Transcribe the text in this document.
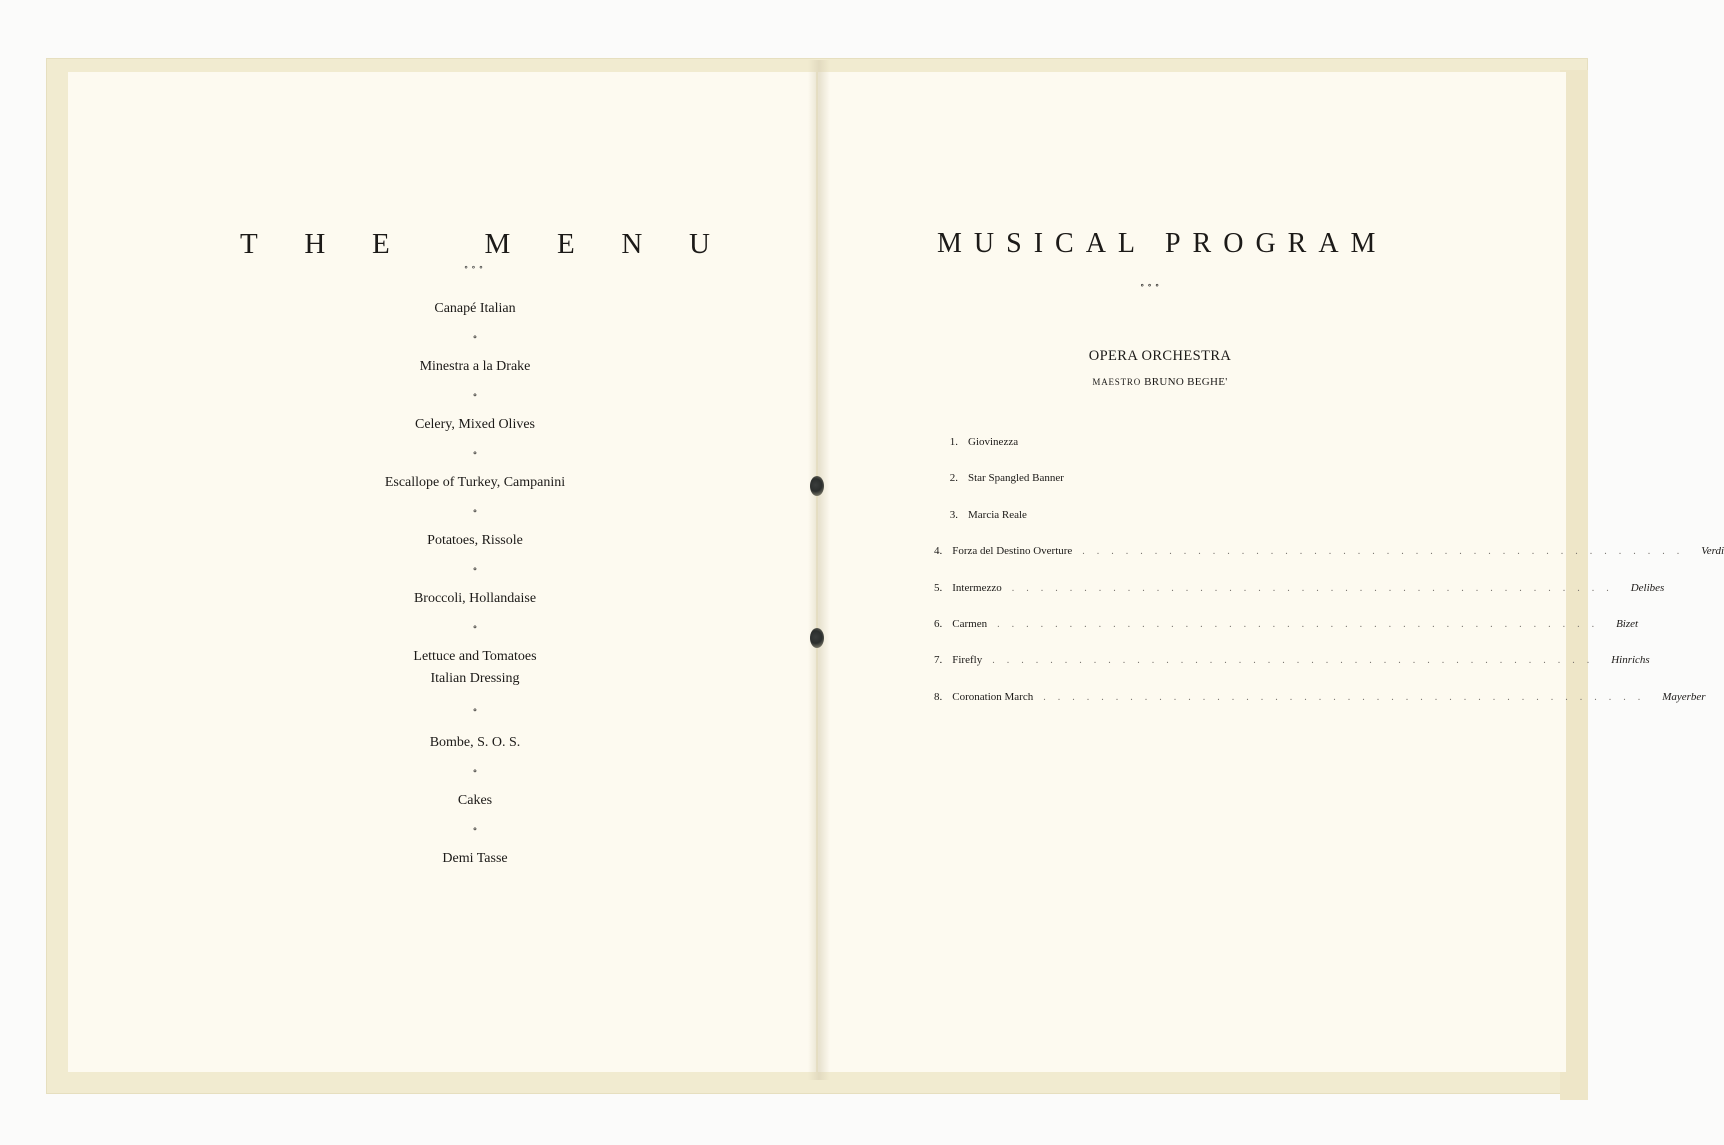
T H E	M E N U
∘∘∘
Canapé Italian
∘
Minestra a la Drake
∘
Celery, Mixed Olives
∘
Escallope of Turkey, Campanini
∘
Potatoes, Rissole
∘
Broccoli, Hollandaise
∘
Lettuce and Tomatoes
Italian Dressing
∘
Bombe, S. O. S.
∘
Cakes
∘
Demi Tasse
MUSICAL PROGRAM
∘∘∘
OPERA ORCHESTRA
MAESTRO BRUNO BEGHE'
1. Giovinezza
2. Star Spangled Banner
3. Marcia Reale
4. Forza del Destino Overture .......................................... Verdi
5. Intermezzo .......................................... Delibes
6. Carmen .......................................... Bizet
7. Firefly .......................................... Hinrichs
8. Coronation March .......................................... Mayerber
